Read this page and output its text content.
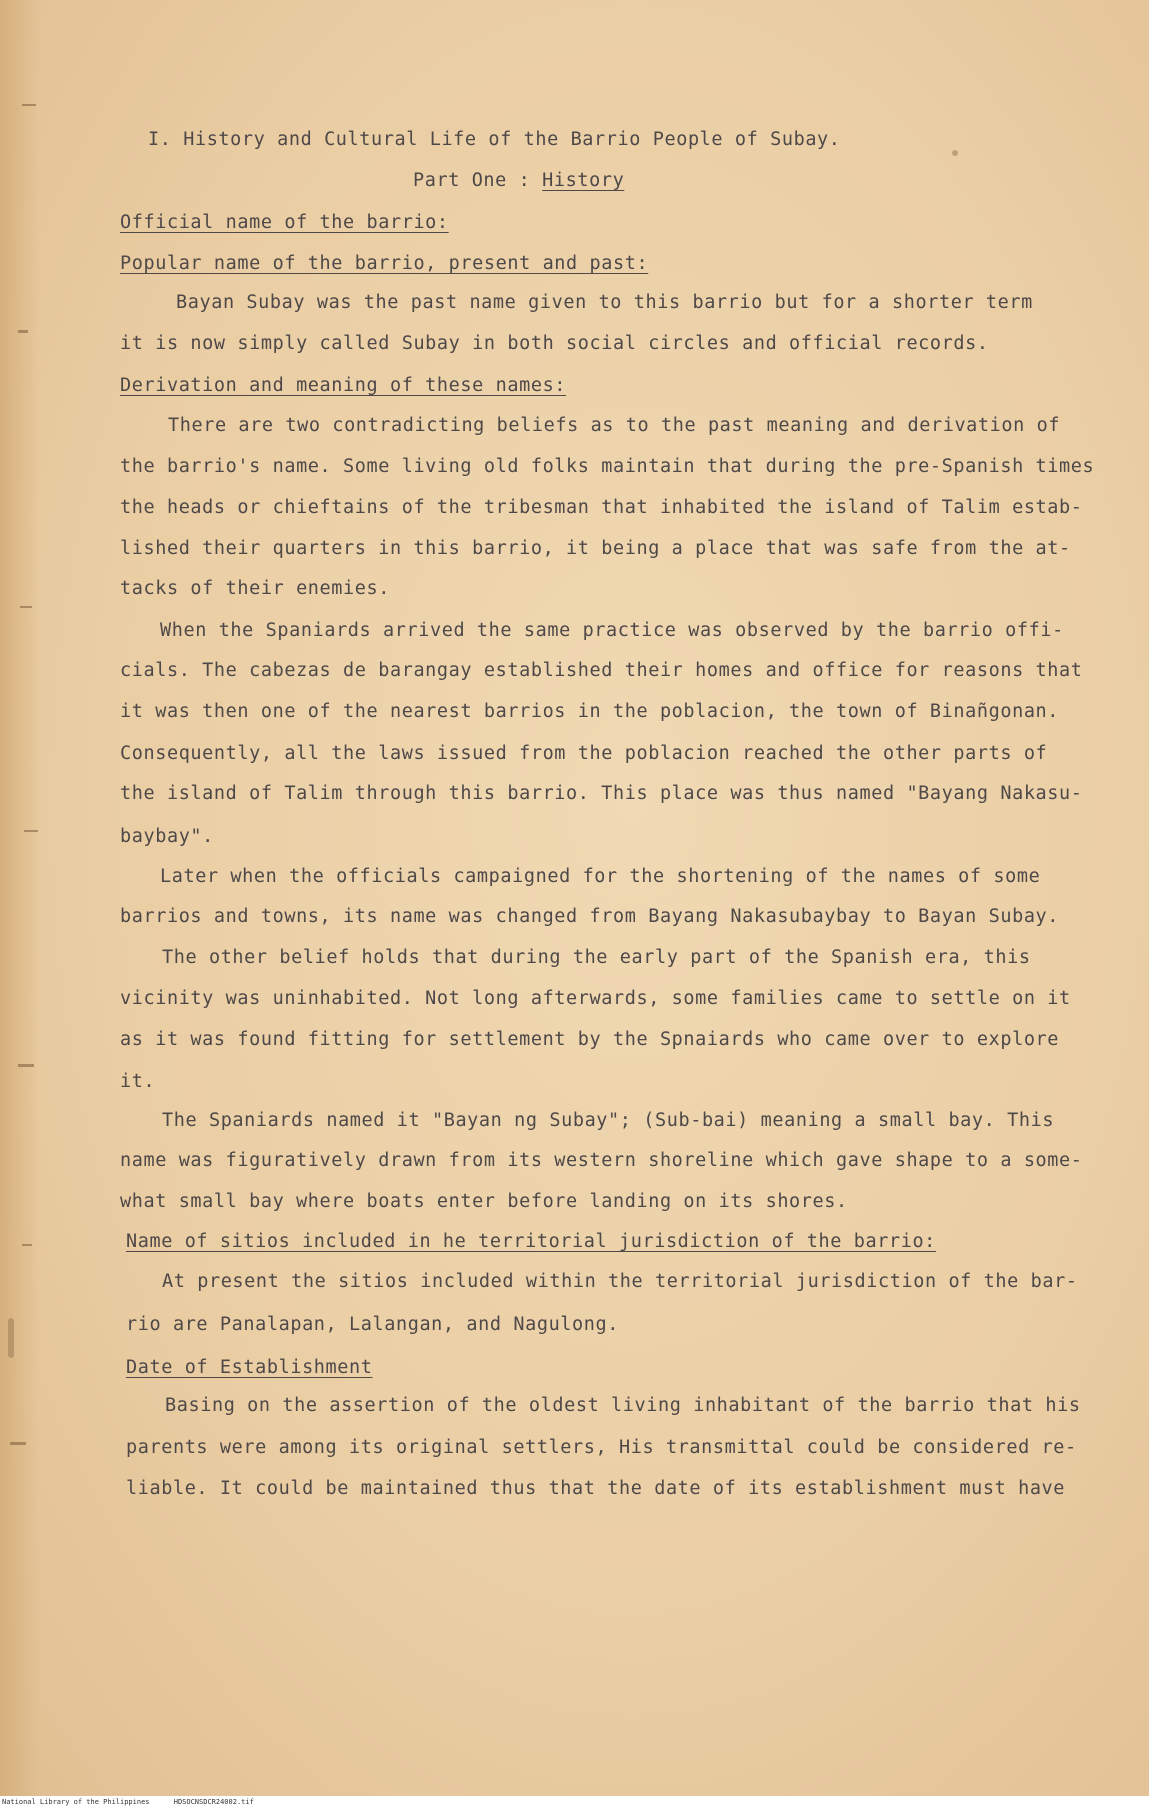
I. History and Cultural Life of the Barrio People of Subay.
Part One : History
Official name of the barrio:
Popular name of the barrio, present and past:
Bayan Subay was the past name given to this barrio but for a shorter term
it is now simply called Subay in both social circles and official records.
Derivation and meaning of these names:
There are two contradicting beliefs as to the past meaning and derivation of
the barrio's name. Some living old folks maintain that during the pre-Spanish times
the heads or chieftains of the tribesman that inhabited the island of Talim estab-
lished their quarters in this barrio, it being a place that was safe from the at-
tacks of their enemies.
When the Spaniards arrived the same practice was observed by the barrio offi-
cials. The cabezas de barangay established their homes and office for reasons that
it was then one of the nearest barrios in the poblacion, the town of Binañgonan.
Consequently, all the laws issued from the poblacion reached the other parts of
the island of Talim through this barrio. This place was thus named "Bayang Nakasu-
baybay".
Later when the officials campaigned for the shortening of the names of some
barrios and towns, its name was changed from Bayang Nakasubaybay to Bayan Subay.
The other belief holds that during the early part of the Spanish era, this
vicinity was uninhabited. Not long afterwards, some families came to settle on it
as it was found fitting for settlement by the Spnaiards who came over to explore
it.
The Spaniards named it "Bayan ng Subay"; (Sub-bai) meaning a small bay. This
name was figuratively drawn from its western shoreline which gave shape to a some-
what small bay where boats enter before landing on its shores.
Name of sitios included in he territorial jurisdiction of the barrio:
At present the sitios included within the territorial jurisdiction of the bar-
rio are Panalapan, Lalangan, and Nagulong.
Date of Establishment
Basing on the assertion of the oldest living inhabitant of the barrio that his
parents were among its original settlers, His transmittal could be considered re-
liable. It could be maintained thus that the date of its establishment must have
National Library of the Philippines	HDSOCNSDCR24002.tif
